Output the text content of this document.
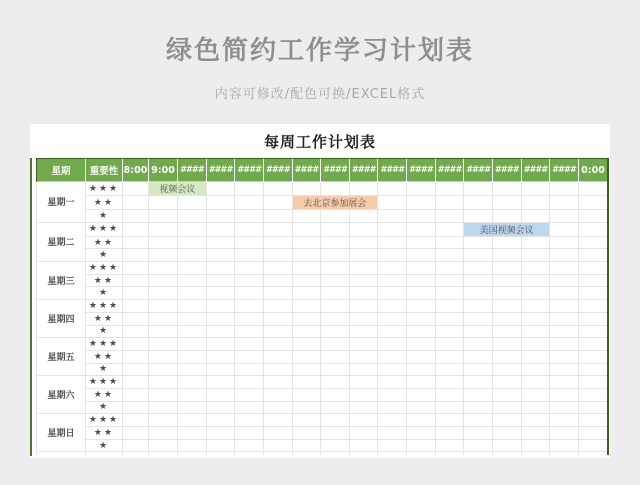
绿色简约工作学习计划表

内容可修改/配色可换/EXCEL格式

每周工作计划表
星期	重要性	8:00	9:00	####	####	####	####	####	####	####	####	####	####	####	####	####	####	0:00
星期一	★★★		视频会议															
	★★							去北京参加展会										
	★																	
星期二	★★★													美国视频会议				
	★★																	
	★																	
星期三	★★★																	
	★★																	
	★																	
星期四	★★★																	
	★★																	
	★																	
星期五	★★★																	
	★★																	
	★																	
星期六	★★★																	
	★★																	
	★																	
星期日	★★★																	
	★★																	
	★																	
